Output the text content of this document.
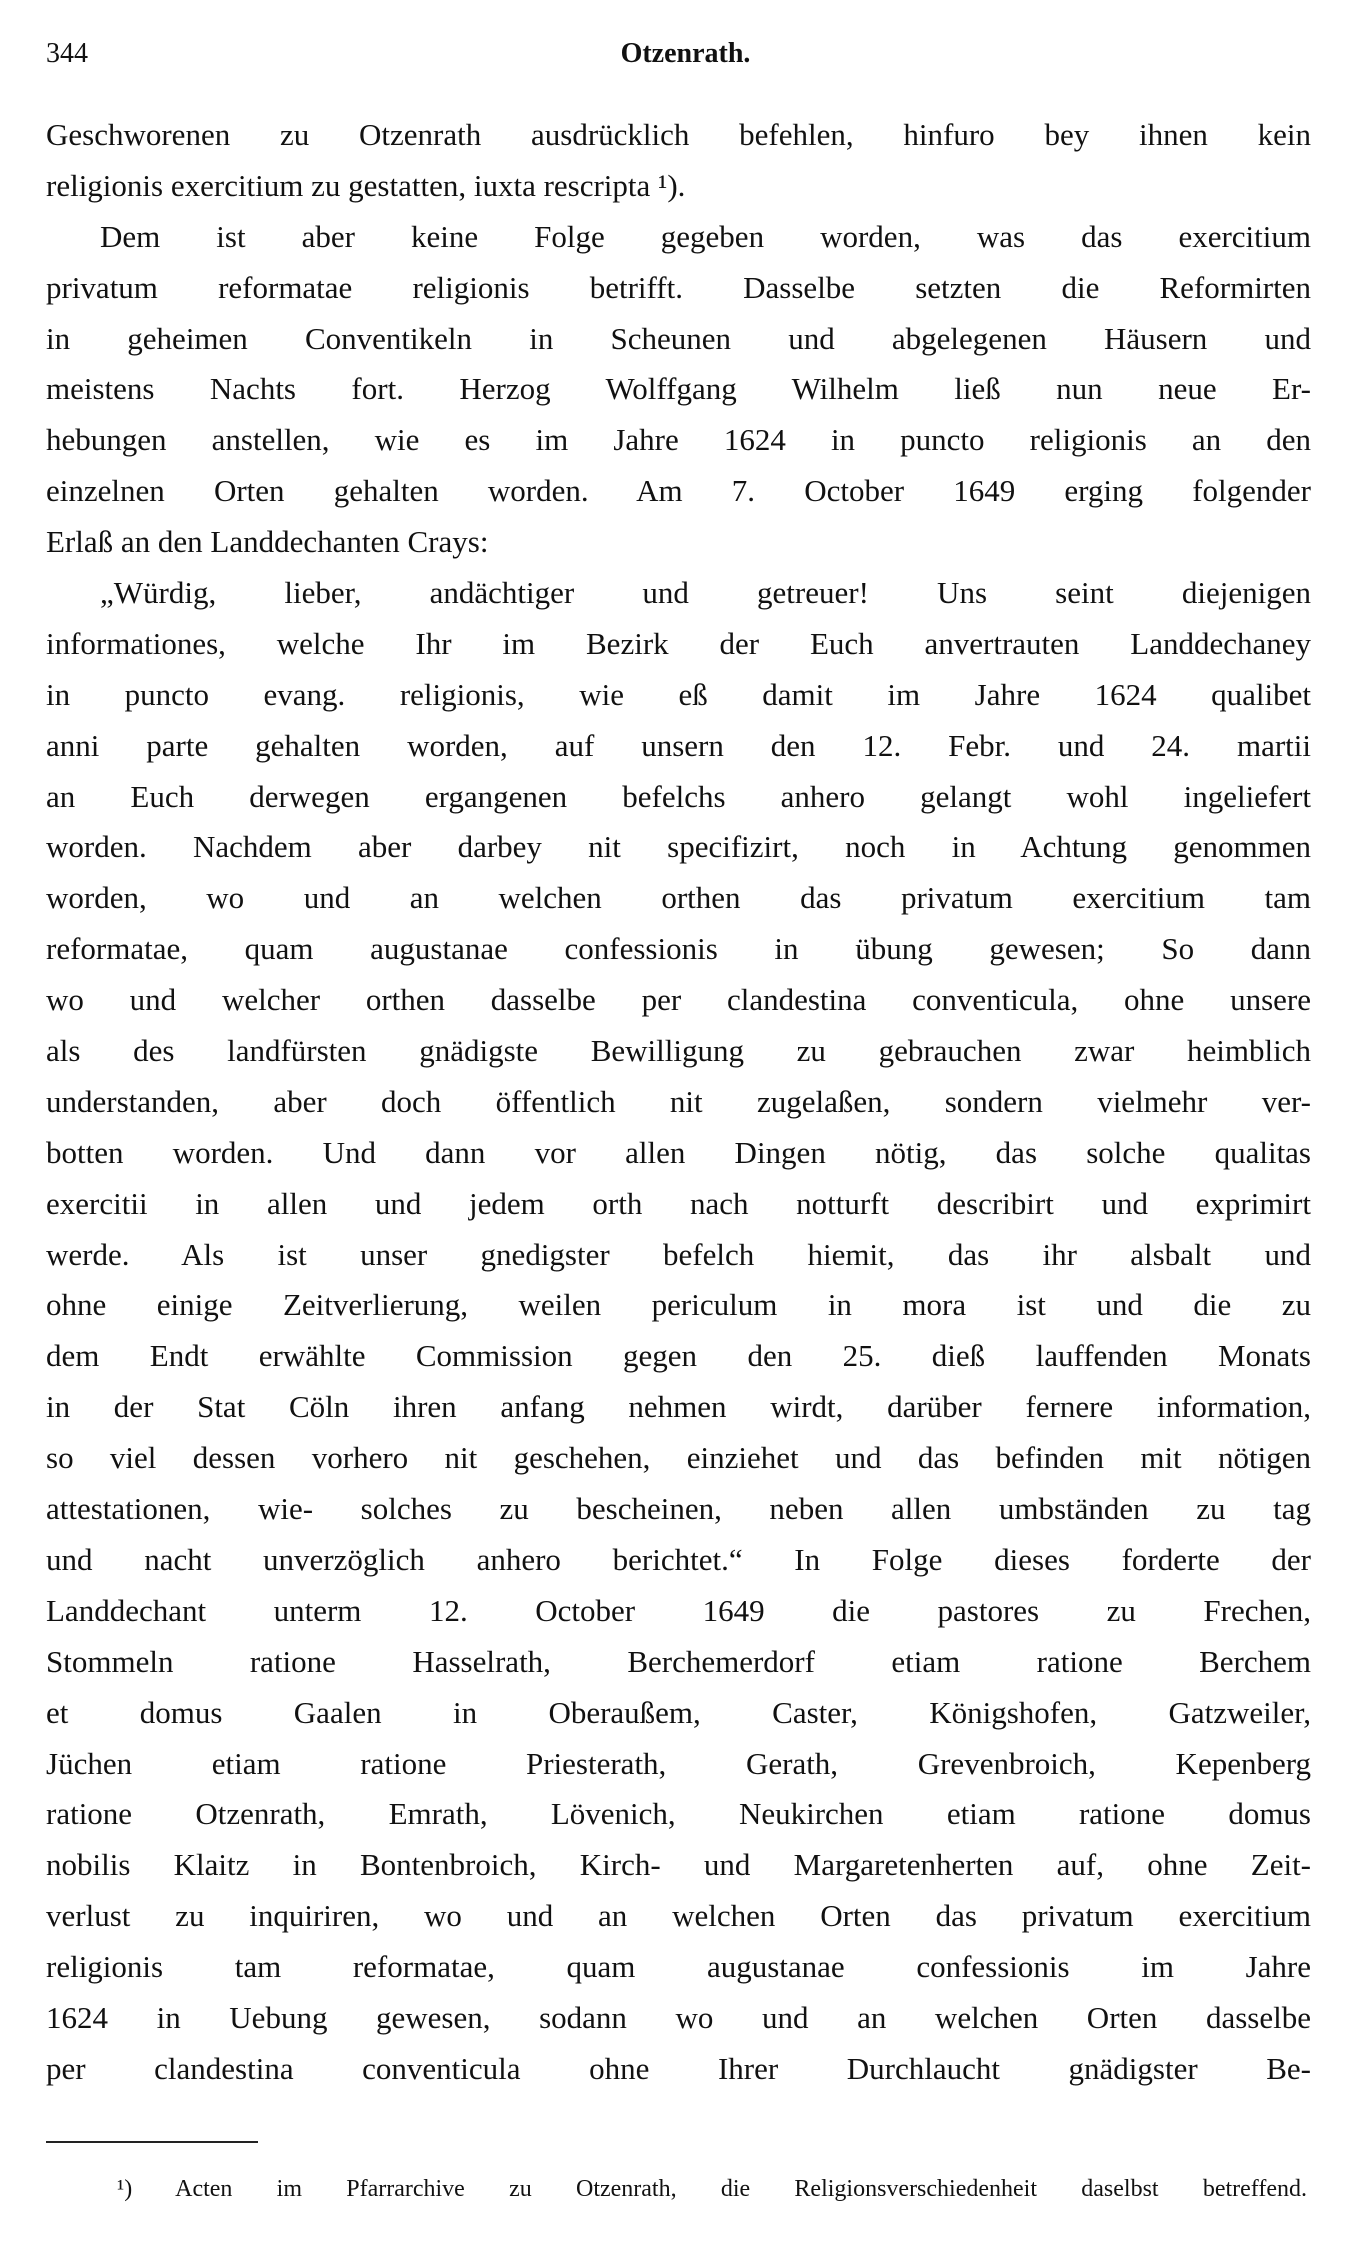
344	Otzenrath.
Geschworenen zu Otzenrath ausdrücklich befehlen, hinfuro bey ihnen kein
religionis exercitium zu gestatten, iuxta rescripta ¹).
Dem ist aber keine Folge gegeben worden, was das exercitium
privatum reformatae religionis betrifft. Dasselbe setzten die Reformirten
in geheimen Conventikeln in Scheunen und abgelegenen Häusern und
meistens Nachts fort. Herzog Wolffgang Wilhelm ließ nun neue Er-
hebungen anstellen, wie es im Jahre 1624 in puncto religionis an den
einzelnen Orten gehalten worden. Am 7. October 1649 erging folgender
Erlaß an den Landdechanten Crays:
„Würdig, lieber, andächtiger und getreuer! Uns seint diejenigen
informationes, welche Ihr im Bezirk der Euch anvertrauten Landdechaney
in puncto evang. religionis, wie eß damit im Jahre 1624 qualibet
anni parte gehalten worden, auf unsern den 12. Febr. und 24. martii
an Euch derwegen ergangenen befelchs anhero gelangt wohl ingeliefert
worden. Nachdem aber darbey nit specifizirt, noch in Achtung genommen
worden, wo und an welchen orthen das privatum exercitium tam
reformatae, quam augustanae confessionis in übung gewesen; So dann
wo und welcher orthen dasselbe per clandestina conventicula, ohne unsere
als des landfürsten gnädigste Bewilligung zu gebrauchen zwar heimblich
understanden, aber doch öffentlich nit zugelaßen, sondern vielmehr ver-
botten worden. Und dann vor allen Dingen nötig, das solche qualitas
exercitii in allen und jedem orth nach notturft describirt und exprimirt
werde. Als ist unser gnedigster befelch hiemit, das ihr alsbalt und
ohne einige Zeitverlierung, weilen periculum in mora ist und die zu
dem Endt erwählte Commission gegen den 25. dieß lauffenden Monats
in der Stat Cöln ihren anfang nehmen wirdt, darüber fernere information,
so viel dessen vorhero nit geschehen, einziehet und das befinden mit nötigen
attestationen, wie- solches zu bescheinen, neben allen umbständen zu tag
und nacht unverzöglich anhero berichtet.“ In Folge dieses forderte der
Landdechant unterm 12. October 1649 die pastores zu Frechen,
Stommeln ratione Hasselrath, Berchemerdorf etiam ratione Berchem
et domus Gaalen in Oberaußem, Caster, Königshofen, Gatzweiler,
Jüchen etiam ratione Priesterath, Gerath, Grevenbroich, Kepenberg
ratione Otzenrath, Emrath, Lövenich, Neukirchen etiam ratione domus
nobilis Klaitz in Bontenbroich, Kirch- und Margaretenherten auf, ohne Zeit-
verlust zu inquiriren, wo und an welchen Orten das privatum exercitium
religionis tam reformatae, quam augustanae confessionis im Jahre
1624 in Uebung gewesen, sodann wo und an welchen Orten dasselbe
per clandestina conventicula ohne Ihrer Durchlaucht gnädigster Be-
¹) Acten im Pfarrarchive zu Otzenrath, die Religionsverschiedenheit daselbst betreffend.
